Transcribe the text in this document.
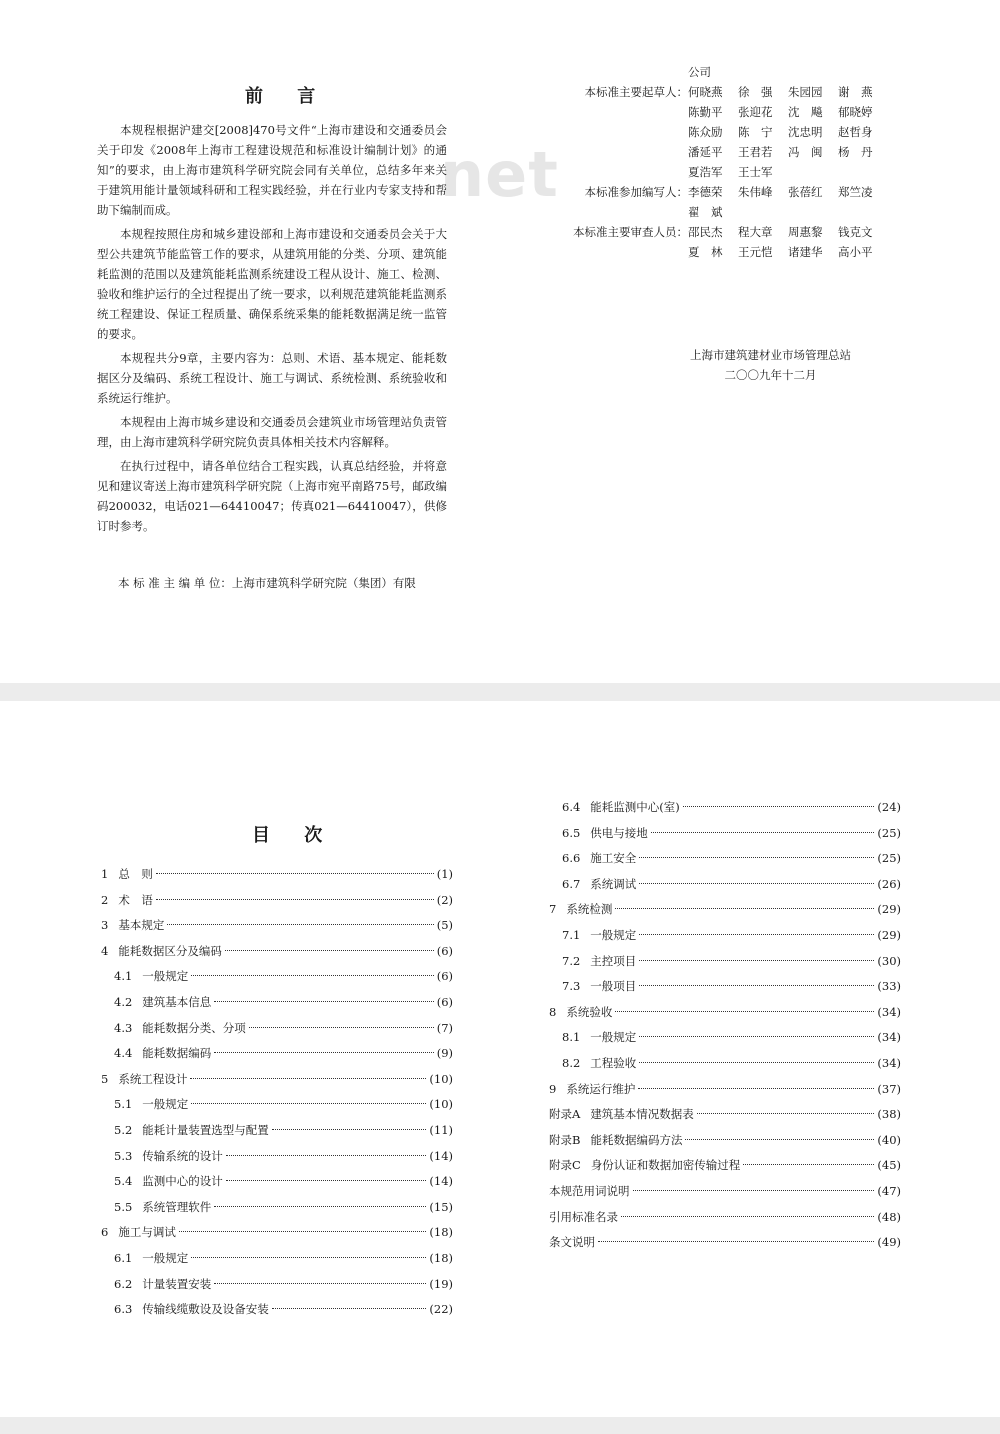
net
前 言

本规程根据沪建交[2008]470号文件“上海市建设和交通委员会关于印发《2008年上海市工程建设规范和标准设计编制计划》的通知”的要求，由上海市建筑科学研究院会同有关单位，总结多年来关于建筑用能计量领域科研和工程实践经验，并在行业内专家支持和帮助下编制而成。

本规程按照住房和城乡建设部和上海市建设和交通委员会关于大型公共建筑节能监管工作的要求，从建筑用能的分类、分项、建筑能耗监测的范围以及建筑能耗监测系统建设工程从设计、施工、检测、验收和维护运行的全过程提出了统一要求，以利规范建筑能耗监测系统工程建设、保证工程质量、确保系统采集的能耗数据满足统一监管的要求。

本规程共分9章，主要内容为：总则、术语、基本规定、能耗数据区分及编码、系统工程设计、施工与调试、系统检测、系统验收和系统运行维护。

本规程由上海市城乡建设和交通委员会建筑业市场管理站负责管理，由上海市建筑科学研究院负责具体相关技术内容解释。

在执行过程中，请各单位结合工程实践，认真总结经验，并将意见和建议寄送上海市建筑科学研究院（上海市宛平南路75号，邮政编码200032，电话021—64410047；传真021—64410047），供修订时参考。

本 标 准 主 编 单 位：上海市建筑科学研究院（集团）有限
公司
本标准主要起草人： 何晓燕	徐　强	朱园园	谢　燕
陈勤平	张迎花	沈　飚	郁晓婷
陈众励	陈　宁	沈忠明	赵哲身
潘延平	王君若	冯　闽	杨　丹
夏浩军	王士军
本标准参加编写人： 李德荣	朱伟峰	张蓓红	郑竺凌
翟　斌
本标准主要审查人员： 邵民杰	程大章	周惠黎	钱克文
夏　林	王元恺	诸建华	高小平
上海市建筑建材业市场管理总站
二〇〇九年十二月
目 次
1 总　则	(1)
2 术　语	(2)
3 基本规定	(5)
4 能耗数据区分及编码	(6)
4.1 一般规定	(6)
4.2 建筑基本信息	(6)
4.3 能耗数据分类、分项	(7)
4.4 能耗数据编码	(9)
5 系统工程设计	(10)
5.1 一般规定	(10)
5.2 能耗计量装置选型与配置	(11)
5.3 传输系统的设计	(14)
5.4 监测中心的设计	(14)
5.5 系统管理软件	(15)
6 施工与调试	(18)
6.1 一般规定	(18)
6.2 计量装置安装	(19)
6.3 传输线缆敷设及设备安装	(22)
6.4 能耗监测中心(室)	(24)
6.5 供电与接地	(25)
6.6 施工安全	(25)
6.7 系统调试	(26)
7 系统检测	(29)
7.1 一般规定	(29)
7.2 主控项目	(30)
7.3 一般项目	(33)
8 系统验收	(34)
8.1 一般规定	(34)
8.2 工程验收	(34)
9 系统运行维护	(37)
附录A 建筑基本情况数据表	(38)
附录B 能耗数据编码方法	(40)
附录C 身份认证和数据加密传输过程	(45)
本规范用词说明	(47)
引用标准名录	(48)
条文说明	(49)
